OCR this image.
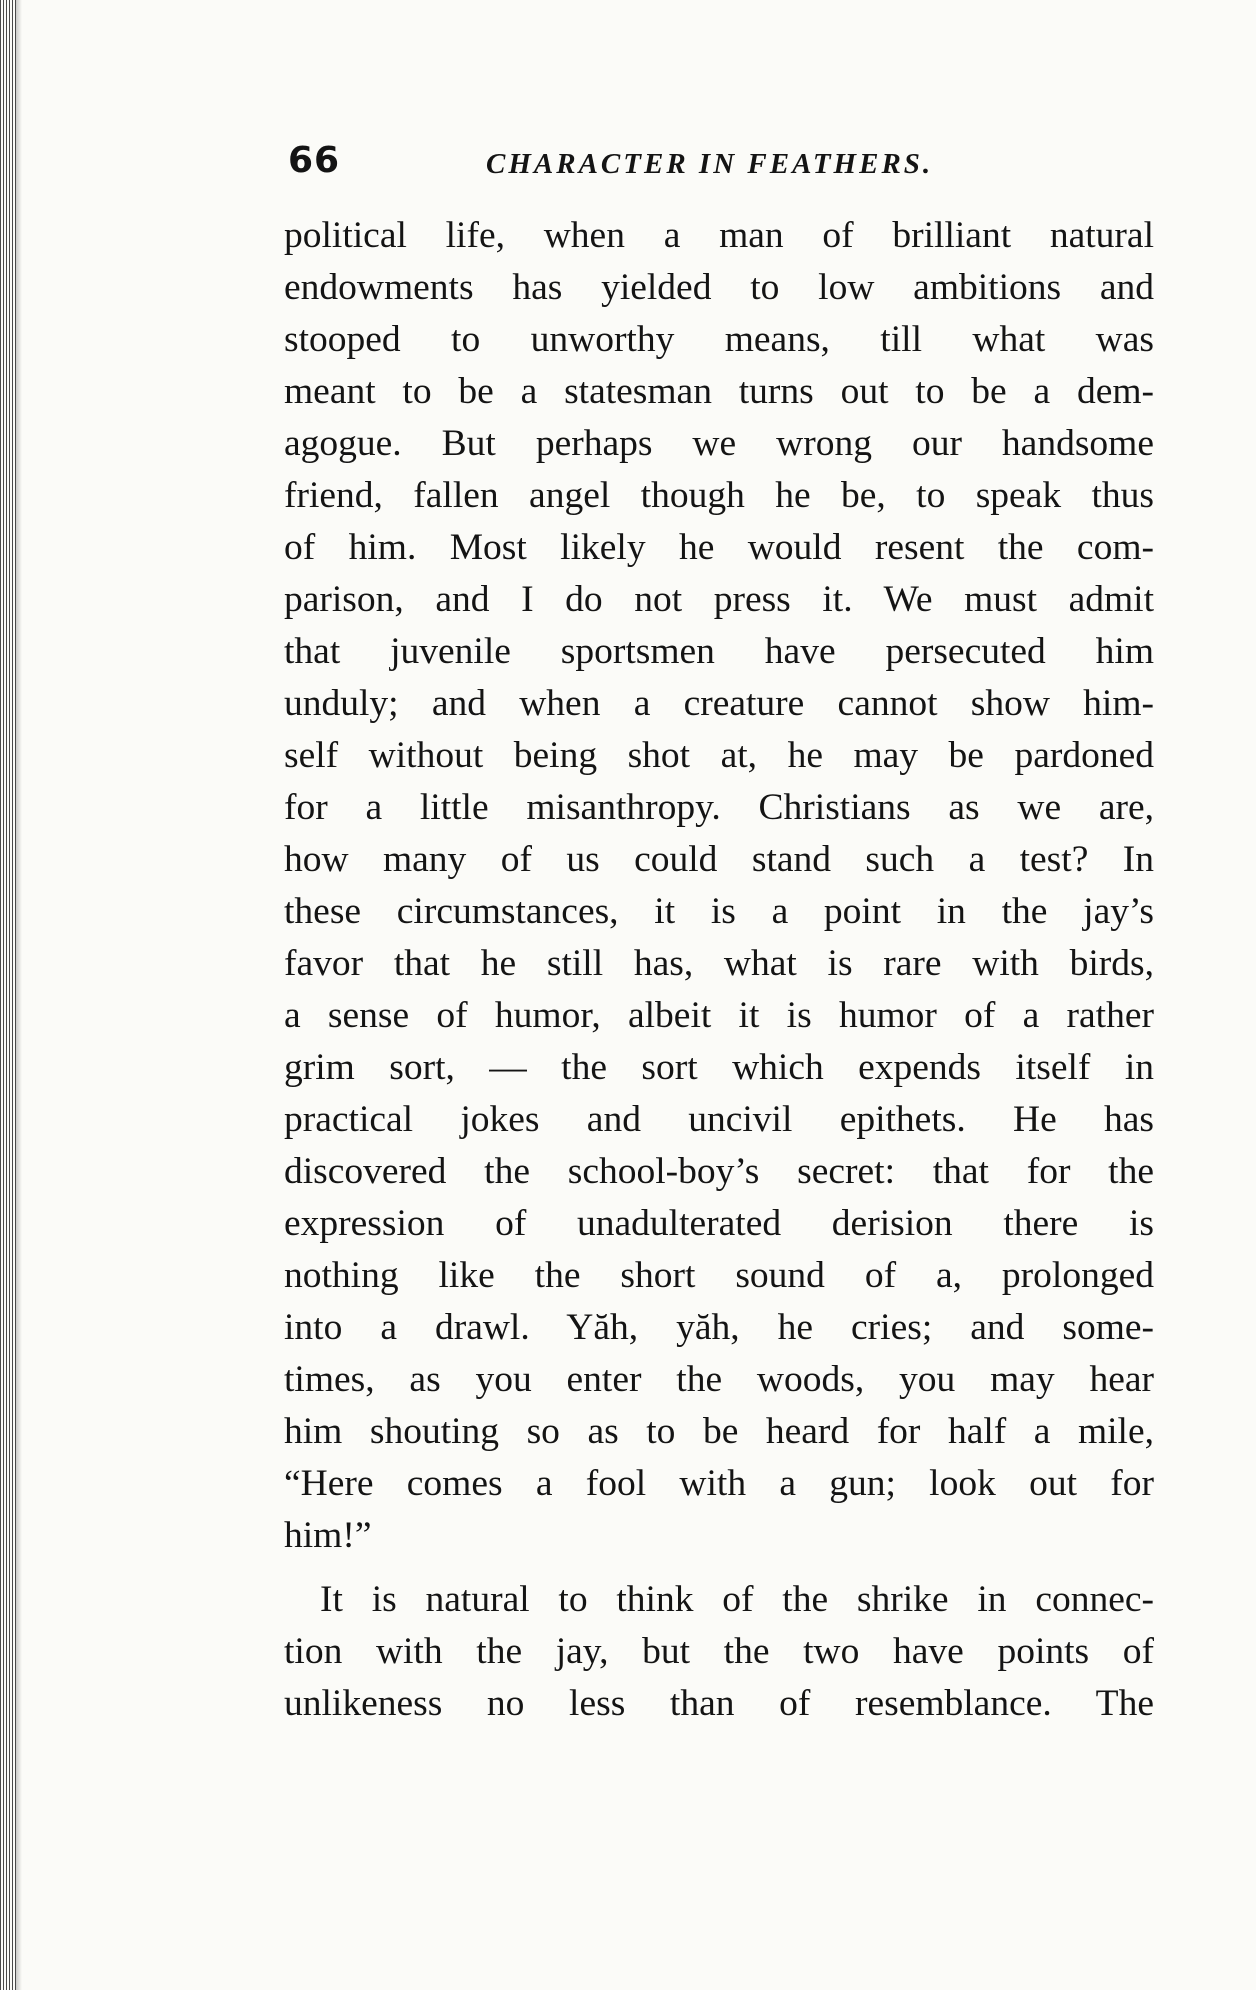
66	CHARACTER IN FEATHERS.
political life, when a man of brilliant natural
endowments has yielded to low ambitions and
stooped to unworthy means, till what was
meant to be a statesman turns out to be a dem-
agogue. But perhaps we wrong our handsome
friend, fallen angel though he be, to speak thus
of him. Most likely he would resent the com-
parison, and I do not press it. We must admit
that juvenile sportsmen have persecuted him
unduly; and when a creature cannot show him-
self without being shot at, he may be pardoned
for a little misanthropy. Christians as we are,
how many of us could stand such a test? In
these circumstances, it is a point in the jay’s
favor that he still has, what is rare with birds,
a sense of humor, albeit it is humor of a rather
grim sort, — the sort which expends itself in
practical jokes and uncivil epithets. He has
discovered the school-boy’s secret: that for the
expression of unadulterated derision there is
nothing like the short sound of a, prolonged
into a drawl. Yăh, yăh, he cries; and some-
times, as you enter the woods, you may hear
him shouting so as to be heard for half a mile,
“Here comes a fool with a gun; look out for
him!”
It is natural to think of the shrike in connec-
tion with the jay, but the two have points of
unlikeness no less than of resemblance. The
